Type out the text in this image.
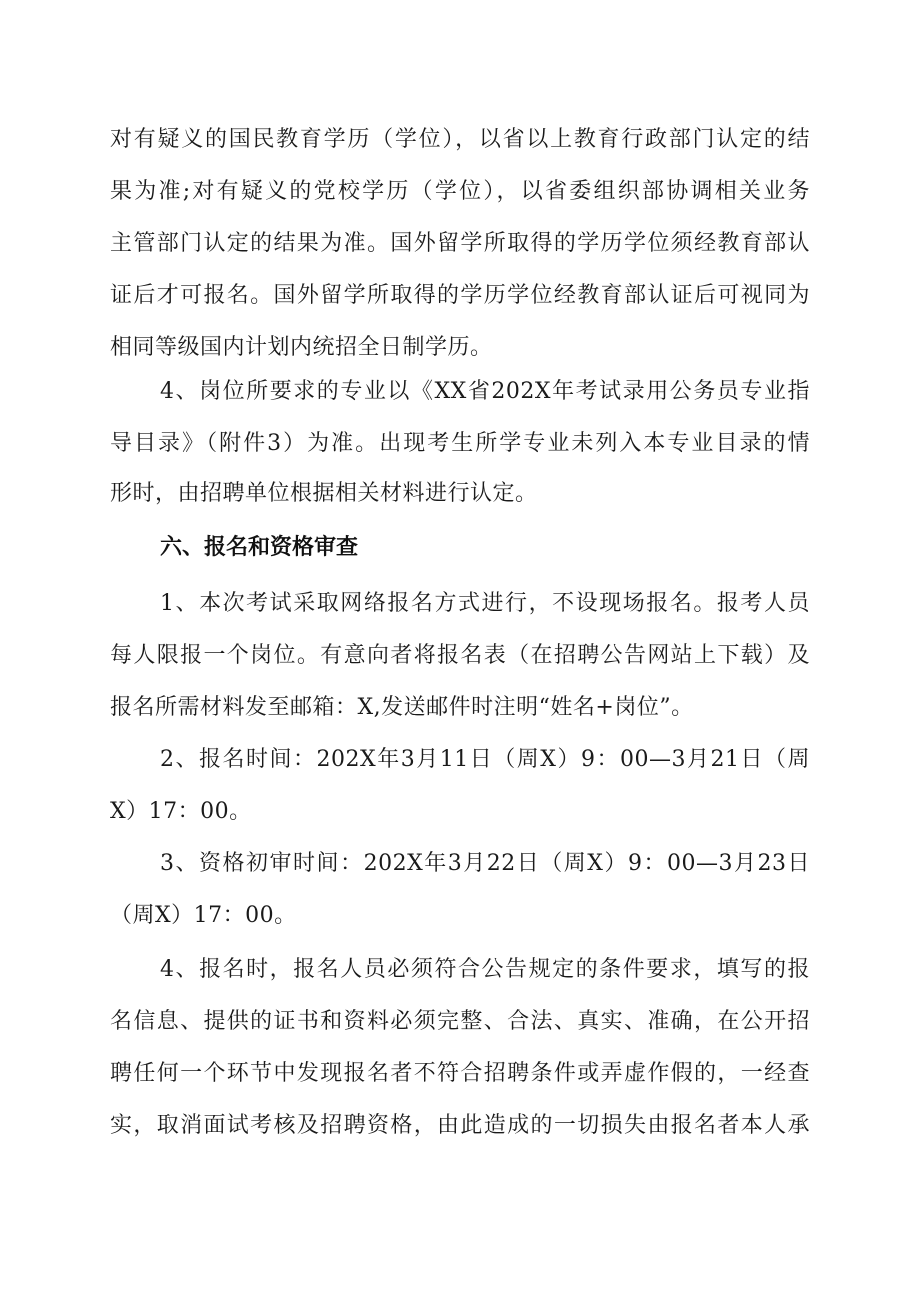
对有疑义的国民教育学历（学位），以省以上教育行政部门认定的结
果为准;对有疑义的党校学历（学位），以省委组织部协调相关业务
主管部门认定的结果为准。国外留学所取得的学历学位须经教育部认
证后才可报名。国外留学所取得的学历学位经教育部认证后可视同为
相同等级国内计划内统招全日制学历。
4、岗位所要求的专业以《XX省202X年考试录用公务员专业指
导目录》（附件3）为准。出现考生所学专业未列入本专业目录的情
形时，由招聘单位根据相关材料进行认定。
六、报名和资格审查
1、本次考试采取网络报名方式进行，不设现场报名。报考人员
每人限报一个岗位。有意向者将报名表（在招聘公告网站上下载）及
报名所需材料发至邮箱：X,发送邮件时注明“姓名+岗位”。
2、报名时间：202X年3月11日（周X）9：00—3月21日（周
X）17：00。
3、资格初审时间：202X年3月22日（周X）9：00—3月23日
（周X）17：00。
4、报名时，报名人员必须符合公告规定的条件要求，填写的报
名信息、提供的证书和资料必须完整、合法、真实、准确，在公开招
聘任何一个环节中发现报名者不符合招聘条件或弄虚作假的，一经查
实，取消面试考核及招聘资格，由此造成的一切损失由报名者本人承
